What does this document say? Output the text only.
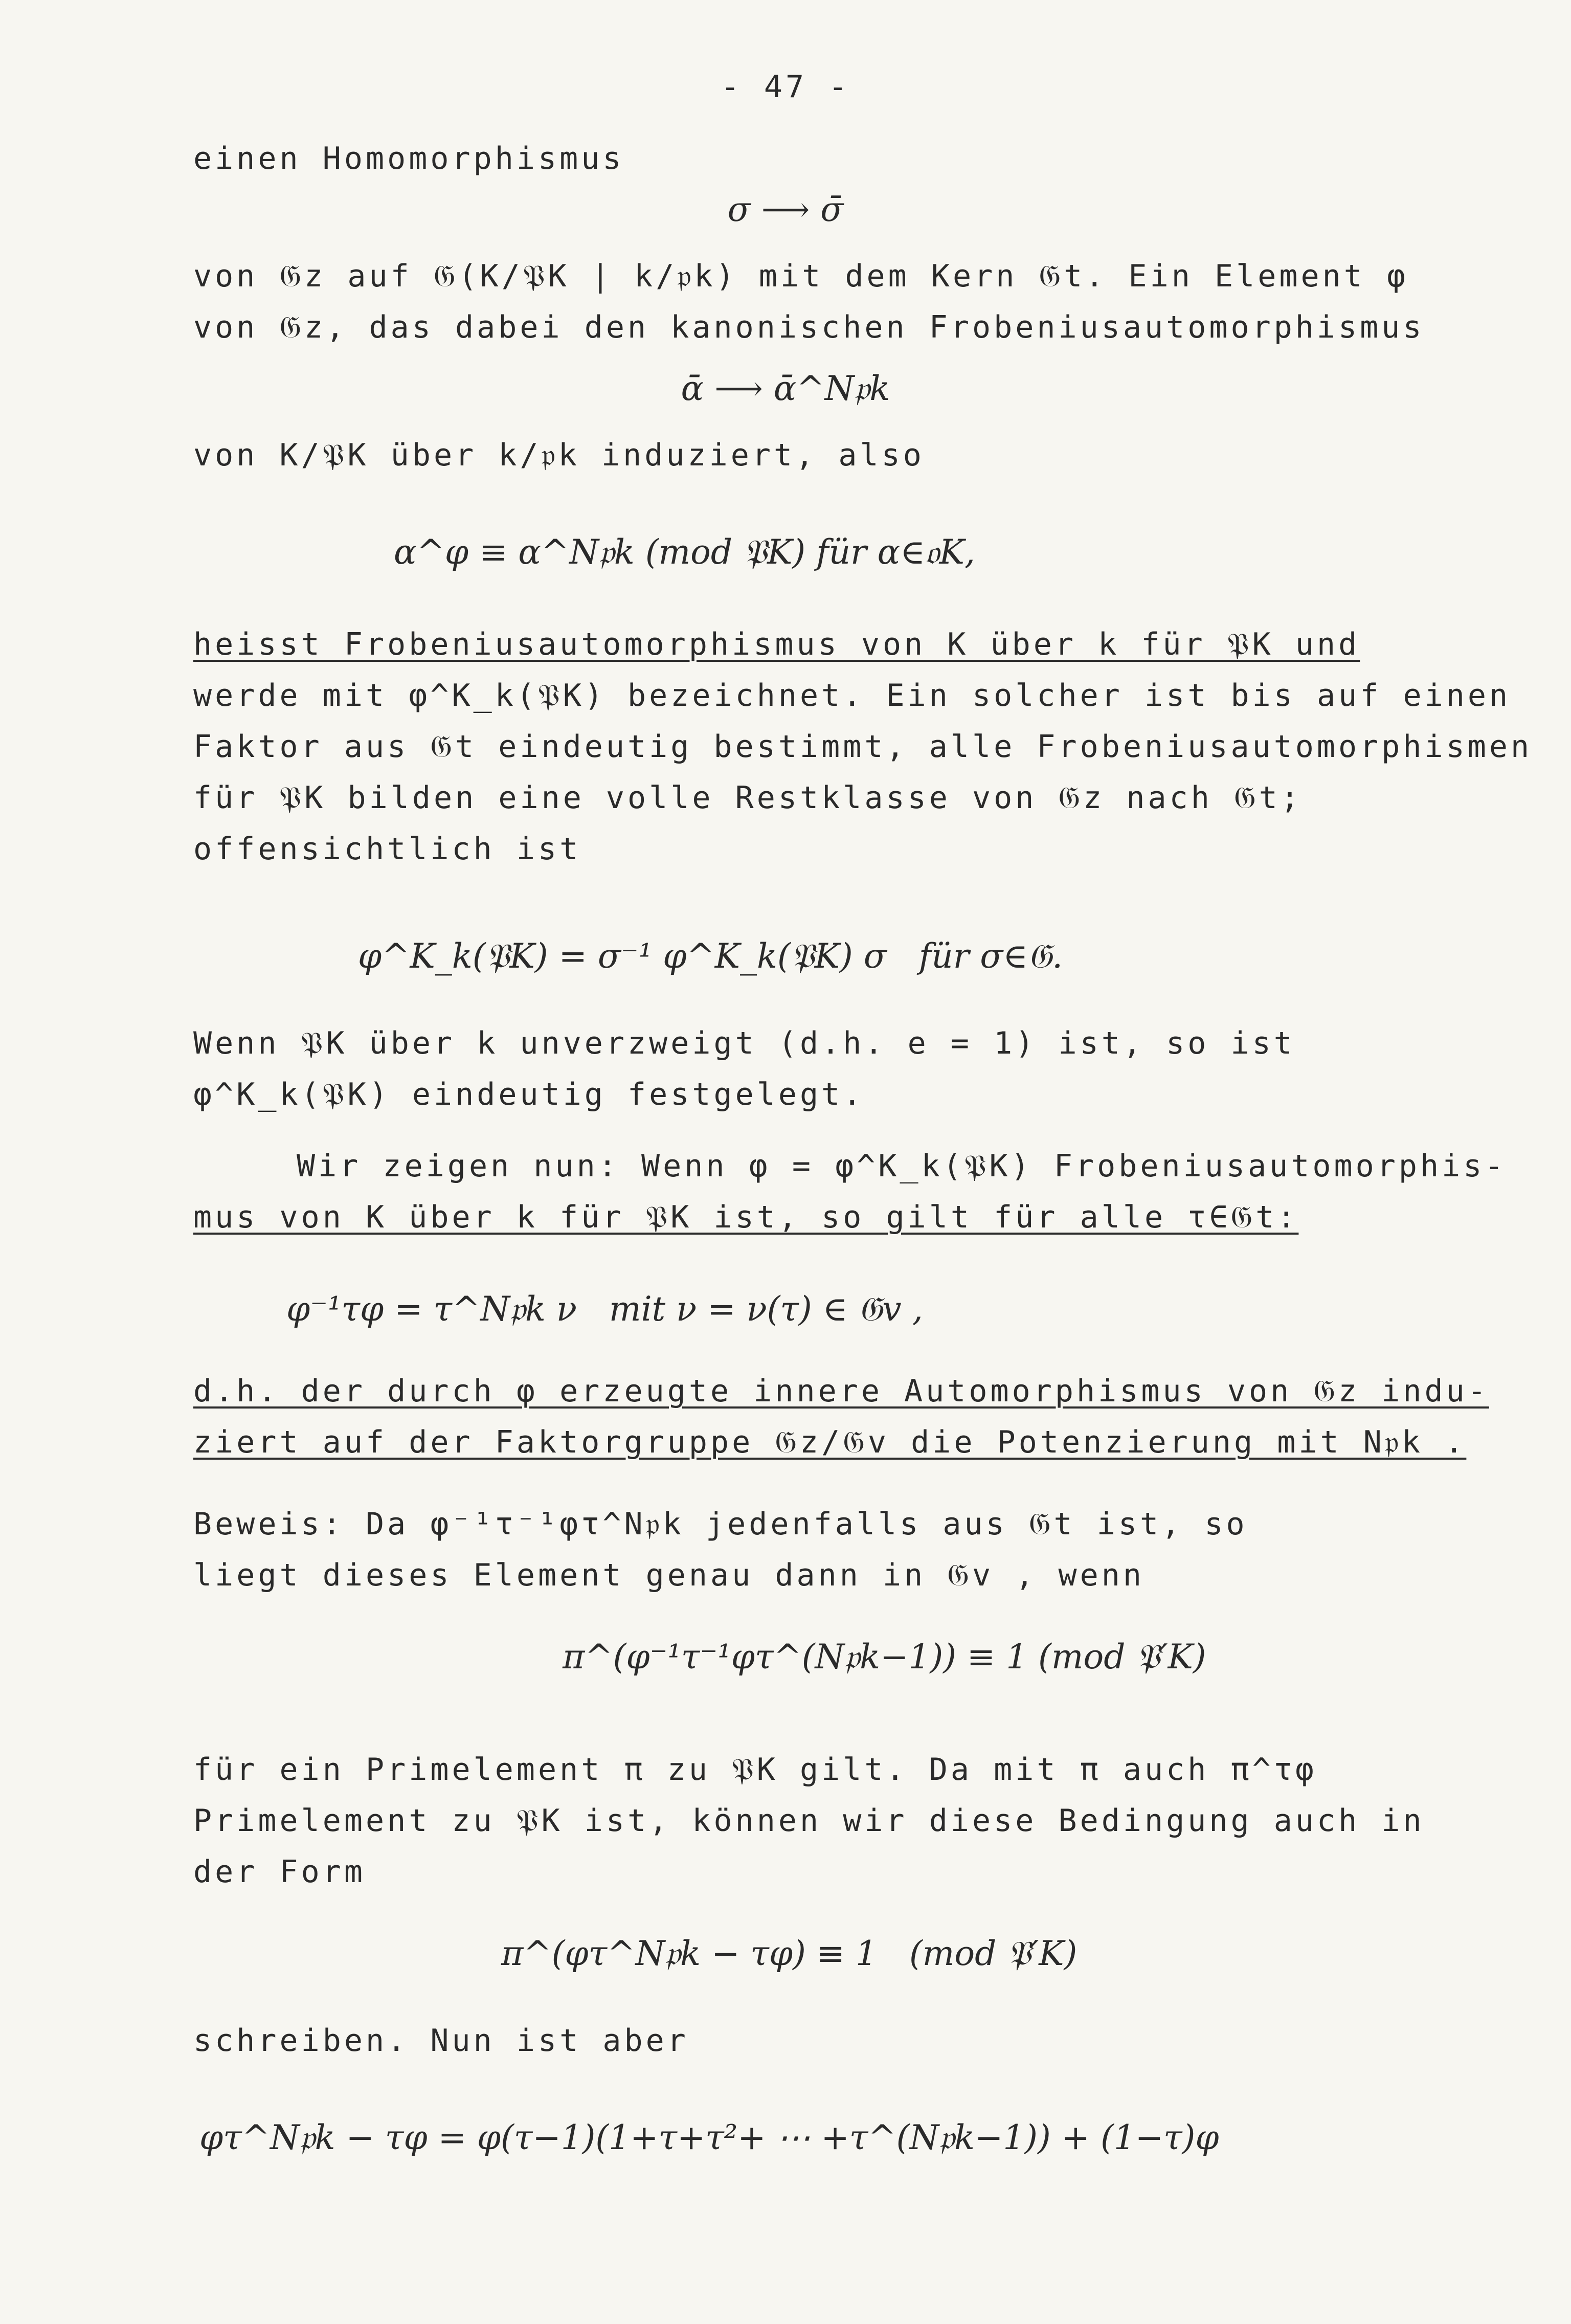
- 47 -
einen Homomorphismus
σ ⟶ σ̄
von 𝔊z auf 𝔊(K/𝔓K | k/𝔭k) mit dem Kern 𝔊t. Ein Element φ
von 𝔊z, das dabei den kanonischen Frobeniusautomorphismus
ᾱ ⟶ ᾱ^N𝔭k
von K/𝔓K über k/𝔭k induziert, also
α^φ ≡ α^N𝔭k (mod 𝔓K) für α∈𝔬K,
heisst Frobeniusautomorphismus von K über k für 𝔓K und
werde mit φ^K_k(𝔓K) bezeichnet. Ein solcher ist bis auf einen
Faktor aus 𝔊t eindeutig bestimmt, alle Frobeniusautomorphismen
für 𝔓K bilden eine volle Restklasse von 𝔊z nach 𝔊t;
offensichtlich ist
φ^K_k(𝔓K) = σ⁻¹ φ^K_k(𝔓K) σ   für σ∈𝔊.
Wenn 𝔓K über k unverzweigt (d.h. e = 1) ist, so ist
φ^K_k(𝔓K) eindeutig festgelegt.
Wir zeigen nun: Wenn φ = φ^K_k(𝔓K) Frobeniusautomorphis-
mus von K über k für 𝔓K ist, so gilt für alle τ∈𝔊t:
φ⁻¹τφ = τ^N𝔭k ν   mit ν = ν(τ) ∈ 𝔊v ,
d.h. der durch φ erzeugte innere Automorphismus von 𝔊z indu-
ziert auf der Faktorgruppe 𝔊z/𝔊v die Potenzierung mit N𝔭k .
Beweis: Da φ⁻¹τ⁻¹φτ^N𝔭k jedenfalls aus 𝔊t ist, so
liegt dieses Element genau dann in 𝔊v , wenn
π^(φ⁻¹τ⁻¹φτ^(N𝔭k−1)) ≡ 1 (mod 𝔓′K)
für ein Primelement π zu 𝔓K gilt. Da mit π auch π^τφ
Primelement zu 𝔓K ist, können wir diese Bedingung auch in
der Form
π^(φτ^N𝔭k − τφ) ≡ 1   (mod 𝔓′K)
schreiben. Nun ist aber
φτ^N𝔭k − τφ = φ(τ−1)(1+τ+τ²+ ⋯ +τ^(N𝔭k−1)) + (1−τ)φ
